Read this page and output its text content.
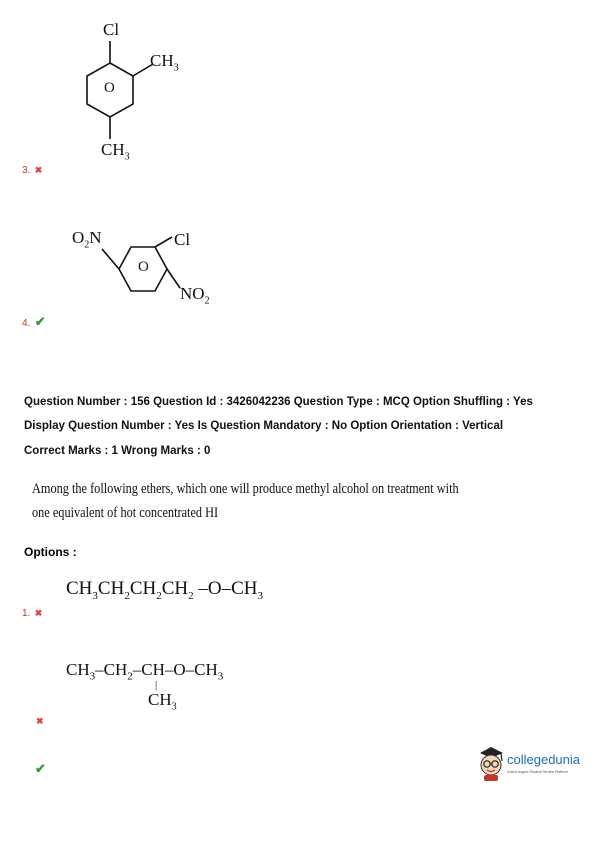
Cl
$CH_3$
O
$CH_3$
3. ✖
$O_2N$	Cl
O
$NO_2$
4. ✔
Question Number : 156 Question Id : 3426042236 Question Type : MCQ Option Shuffling : Yes
Display Question Number : Yes Is Question Mandatory : No Option Orientation : Vertical
Correct Marks : 1 Wrong Marks : 0
Among the following ethers, which one will produce methyl alcohol on treatment with
one equivalent of hot concentrated HI
Options :
$CH_3CH_2CH_2CH_2$ $-O-CH_3$
1. ✖
$CH_3-CH_2-CH-O-CH_3$
|
$CH_3$
✖
✔
collegedunia
India's largest Student Review Platform
